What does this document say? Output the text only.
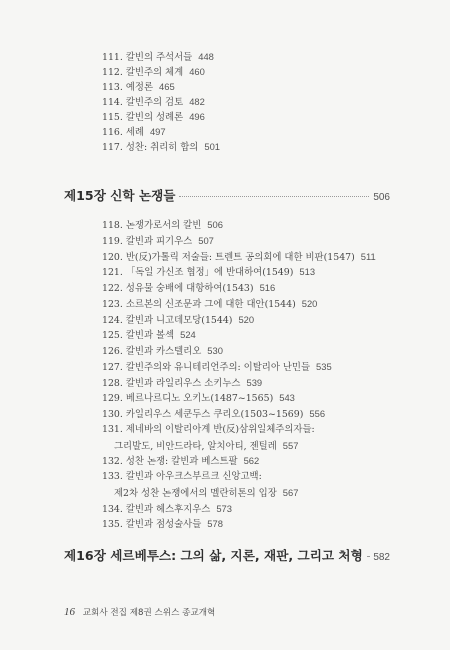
111. 칼빈의 주석서들 448
112. 칼빈주의 체계 460
113. 예정론 465
114. 칼빈주의 검토 482
115. 칼빈의 성례론 496
116. 세례 497
117. 성찬: 취리히 합의 501
제15장 신학 논쟁들	506
118. 논쟁가로서의 칼빈 506
119. 칼빈과 피기우스 507
120. 반(反)가톨릭 저술들: 트렌트 공의회에 대한 비판(1547) 511
121. 「독일 가신조 협정」에 반대하여(1549) 513
122. 성유물 숭배에 대항하여(1543) 516
123. 소르본의 신조문과 그에 대한 대안(1544) 520
124. 칼빈과 니고데모당(1544) 520
125. 칼빈과 볼섹 524
126. 칼빈과 카스텔리오 530
127. 칼빈주의와 유니테리언주의: 이탈리아 난민들 535
128. 칼빈과 라일리우스 소키누스 539
129. 베르나르디노 오키노(1487~1565) 543
130. 카일리우스 세쿤두스 쿠리오(1503~1569) 556
131. 제네바의 이탈리아계 반(反)삼위일체주의자들:
그리발도, 비안드라타, 알치아티, 젠틸레 557
132. 성찬 논쟁: 칼빈과 베스트팔 562
133. 칼빈과 아우크스부르크 신앙고백:
제2차 성찬 논쟁에서의 멜란히톤의 입장 567
134. 칼빈과 헤스후지우스 573
135. 칼빈과 점성술사들 578
제16장 세르베투스: 그의 삶, 지론, 재판, 그리고 처형 582
16 교회사 전집 제8권 스위스 종교개혁
